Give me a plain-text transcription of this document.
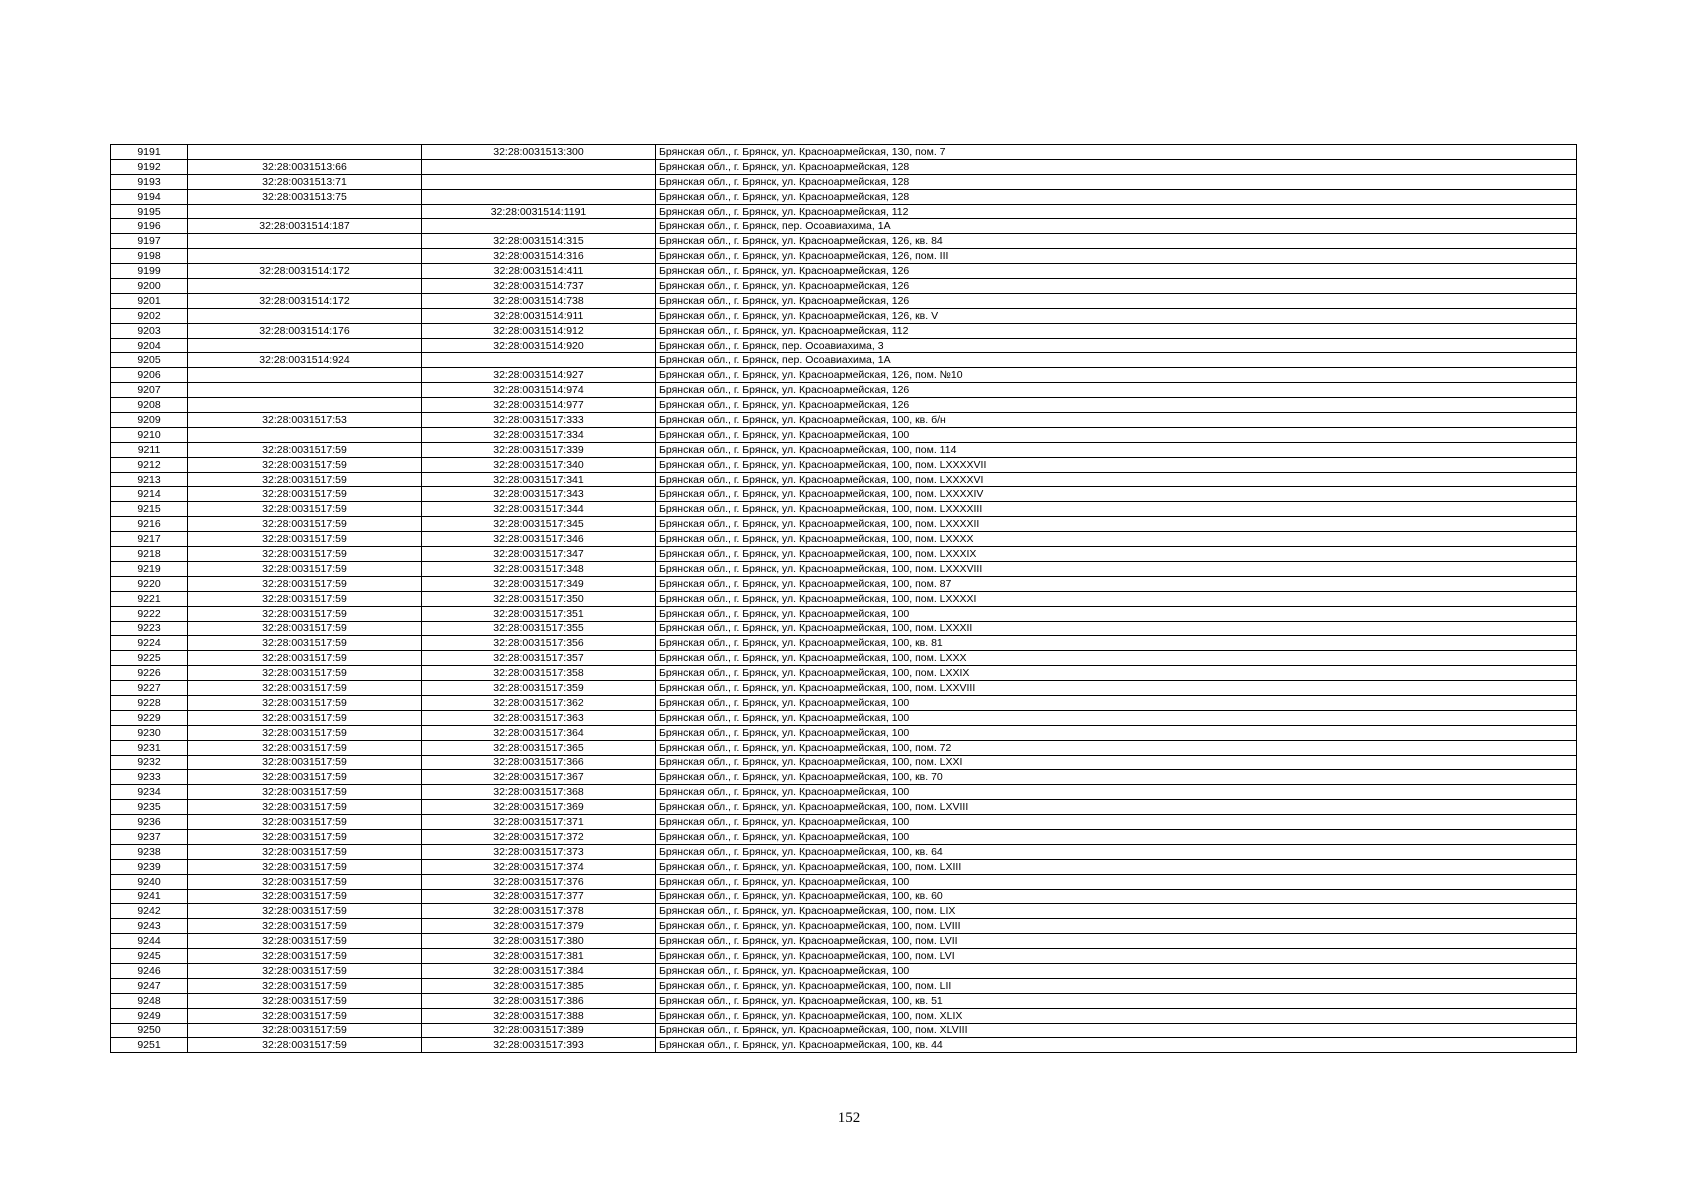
9191		32:28:0031513:300	Брянская обл., г. Брянск, ул. Красноармейская, 130, пом. 7
9192	32:28:0031513:66		Брянская обл., г. Брянск, ул. Красноармейская, 128
9193	32:28:0031513:71		Брянская обл., г. Брянск, ул. Красноармейская, 128
9194	32:28:0031513:75		Брянская обл., г. Брянск, ул. Красноармейская, 128
9195		32:28:0031514:1191	Брянская обл., г. Брянск, ул. Красноармейская, 112
9196	32:28:0031514:187		Брянская обл., г. Брянск, пер. Осоавиахима, 1А
9197		32:28:0031514:315	Брянская обл., г. Брянск, ул. Красноармейская, 126, кв. 84
9198		32:28:0031514:316	Брянская обл., г. Брянск, ул. Красноармейская, 126, пом. III
9199	32:28:0031514:172	32:28:0031514:411	Брянская обл., г. Брянск, ул. Красноармейская, 126
9200		32:28:0031514:737	Брянская обл., г. Брянск, ул. Красноармейская, 126
9201	32:28:0031514:172	32:28:0031514:738	Брянская обл., г. Брянск, ул. Красноармейская, 126
9202		32:28:0031514:911	Брянская обл., г. Брянск, ул. Красноармейская, 126, кв. V
9203	32:28:0031514:176	32:28:0031514:912	Брянская обл., г. Брянск, ул. Красноармейская, 112
9204		32:28:0031514:920	Брянская обл., г. Брянск, пер. Осоавиахима, 3
9205	32:28:0031514:924		Брянская обл., г. Брянск, пер. Осоавиахима, 1А
9206		32:28:0031514:927	Брянская обл., г. Брянск, ул. Красноармейская, 126, пом. №10
9207		32:28:0031514:974	Брянская обл., г. Брянск, ул. Красноармейская, 126
9208		32:28:0031514:977	Брянская обл., г. Брянск, ул. Красноармейская, 126
9209	32:28:0031517:53	32:28:0031517:333	Брянская обл., г. Брянск, ул. Красноармейская, 100, кв. б/н
9210		32:28:0031517:334	Брянская обл., г. Брянск, ул. Красноармейская, 100
9211	32:28:0031517:59	32:28:0031517:339	Брянская обл., г. Брянск, ул. Красноармейская, 100, пом. 114
9212	32:28:0031517:59	32:28:0031517:340	Брянская обл., г. Брянск, ул. Красноармейская, 100, пом. LXXXXVII
9213	32:28:0031517:59	32:28:0031517:341	Брянская обл., г. Брянск, ул. Красноармейская, 100, пом. LXXXXVI
9214	32:28:0031517:59	32:28:0031517:343	Брянская обл., г. Брянск, ул. Красноармейская, 100, пом. LXXXXIV
9215	32:28:0031517:59	32:28:0031517:344	Брянская обл., г. Брянск, ул. Красноармейская, 100, пом. LXXXXIII
9216	32:28:0031517:59	32:28:0031517:345	Брянская обл., г. Брянск, ул. Красноармейская, 100, пом. LXXXXII
9217	32:28:0031517:59	32:28:0031517:346	Брянская обл., г. Брянск, ул. Красноармейская, 100, пом. LXXXX
9218	32:28:0031517:59	32:28:0031517:347	Брянская обл., г. Брянск, ул. Красноармейская, 100, пом. LXXXIX
9219	32:28:0031517:59	32:28:0031517:348	Брянская обл., г. Брянск, ул. Красноармейская, 100, пом. LXXXVIII
9220	32:28:0031517:59	32:28:0031517:349	Брянская обл., г. Брянск, ул. Красноармейская, 100, пом. 87
9221	32:28:0031517:59	32:28:0031517:350	Брянская обл., г. Брянск, ул. Красноармейская, 100, пом. LXXXXI
9222	32:28:0031517:59	32:28:0031517:351	Брянская обл., г. Брянск, ул. Красноармейская, 100
9223	32:28:0031517:59	32:28:0031517:355	Брянская обл., г. Брянск, ул. Красноармейская, 100, пом. LXXXII
9224	32:28:0031517:59	32:28:0031517:356	Брянская обл., г. Брянск, ул. Красноармейская, 100, кв. 81
9225	32:28:0031517:59	32:28:0031517:357	Брянская обл., г. Брянск, ул. Красноармейская, 100, пом. LXXX
9226	32:28:0031517:59	32:28:0031517:358	Брянская обл., г. Брянск, ул. Красноармейская, 100, пом. LXXIX
9227	32:28:0031517:59	32:28:0031517:359	Брянская обл., г. Брянск, ул. Красноармейская, 100, пом. LXXVIII
9228	32:28:0031517:59	32:28:0031517:362	Брянская обл., г. Брянск, ул. Красноармейская, 100
9229	32:28:0031517:59	32:28:0031517:363	Брянская обл., г. Брянск, ул. Красноармейская, 100
9230	32:28:0031517:59	32:28:0031517:364	Брянская обл., г. Брянск, ул. Красноармейская, 100
9231	32:28:0031517:59	32:28:0031517:365	Брянская обл., г. Брянск, ул. Красноармейская, 100, пом. 72
9232	32:28:0031517:59	32:28:0031517:366	Брянская обл., г. Брянск, ул. Красноармейская, 100, пом. LXXI
9233	32:28:0031517:59	32:28:0031517:367	Брянская обл., г. Брянск, ул. Красноармейская, 100, кв. 70
9234	32:28:0031517:59	32:28:0031517:368	Брянская обл., г. Брянск, ул. Красноармейская, 100
9235	32:28:0031517:59	32:28:0031517:369	Брянская обл., г. Брянск, ул. Красноармейская, 100, пом. LXVIII
9236	32:28:0031517:59	32:28:0031517:371	Брянская обл., г. Брянск, ул. Красноармейская, 100
9237	32:28:0031517:59	32:28:0031517:372	Брянская обл., г. Брянск, ул. Красноармейская, 100
9238	32:28:0031517:59	32:28:0031517:373	Брянская обл., г. Брянск, ул. Красноармейская, 100, кв. 64
9239	32:28:0031517:59	32:28:0031517:374	Брянская обл., г. Брянск, ул. Красноармейская, 100, пом. LXIII
9240	32:28:0031517:59	32:28:0031517:376	Брянская обл., г. Брянск, ул. Красноармейская, 100
9241	32:28:0031517:59	32:28:0031517:377	Брянская обл., г. Брянск, ул. Красноармейская, 100, кв. 60
9242	32:28:0031517:59	32:28:0031517:378	Брянская обл., г. Брянск, ул. Красноармейская, 100, пом. LIX
9243	32:28:0031517:59	32:28:0031517:379	Брянская обл., г. Брянск, ул. Красноармейская, 100, пом. LVIII
9244	32:28:0031517:59	32:28:0031517:380	Брянская обл., г. Брянск, ул. Красноармейская, 100, пом. LVII
9245	32:28:0031517:59	32:28:0031517:381	Брянская обл., г. Брянск, ул. Красноармейская, 100, пом. LVI
9246	32:28:0031517:59	32:28:0031517:384	Брянская обл., г. Брянск, ул. Красноармейская, 100
9247	32:28:0031517:59	32:28:0031517:385	Брянская обл., г. Брянск, ул. Красноармейская, 100, пом. LII
9248	32:28:0031517:59	32:28:0031517:386	Брянская обл., г. Брянск, ул. Красноармейская, 100, кв. 51
9249	32:28:0031517:59	32:28:0031517:388	Брянская обл., г. Брянск, ул. Красноармейская, 100, пом. XLIX
9250	32:28:0031517:59	32:28:0031517:389	Брянская обл., г. Брянск, ул. Красноармейская, 100, пом. XLVIII
9251	32:28:0031517:59	32:28:0031517:393	Брянская обл., г. Брянск, ул. Красноармейская, 100, кв. 44
152
